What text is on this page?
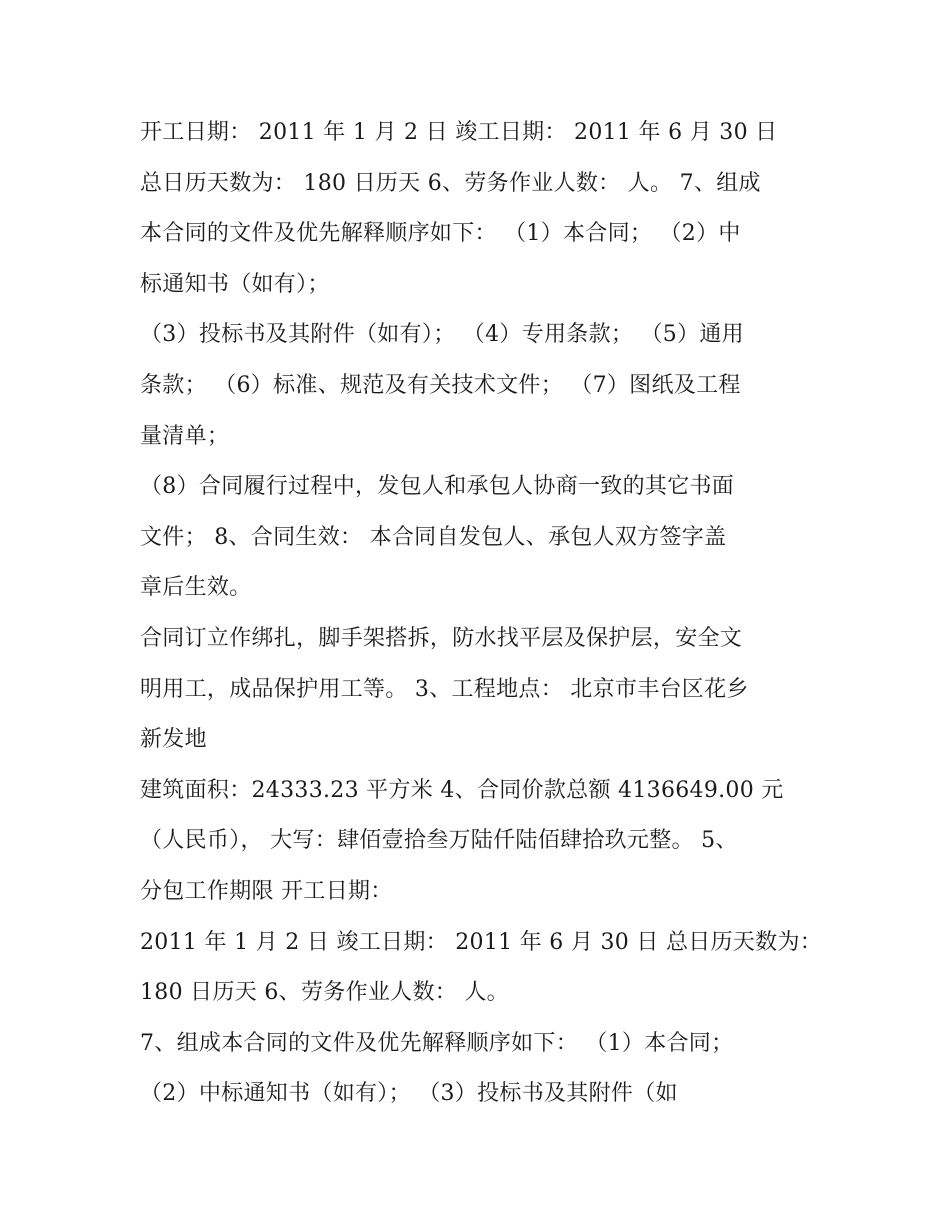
开工日期： 2011 年 1 月 2 日 竣工日期： 2011 年 6 月 30 日
总日历天数为： 180 日历天 6、劳务作业人数： 人。 7、组成
本合同的文件及优先解释顺序如下： （1）本合同； （2）中
标通知书（如有）；
（3）投标书及其附件（如有）； （4）专用条款； （5）通用
条款； （6）标准、规范及有关技术文件； （7）图纸及工程
量清单；
（8）合同履行过程中，发包人和承包人协商一致的其它书面
文件； 8、合同生效： 本合同自发包人、承包人双方签字盖
章后生效。
合同订立作绑扎，脚手架搭拆，防水找平层及保护层，安全文
明用工，成品保护用工等。 3、工程地点： 北京市丰台区花乡
新发地
建筑面积：24333.23 平方米 4、合同价款总额 4136649.00 元
（人民币）， 大写：肆佰壹拾叁万陆仟陆佰肆拾玖元整。 5、
分包工作期限 开工日期：
2011 年 1 月 2 日 竣工日期： 2011 年 6 月 30 日 总日历天数为：
180 日历天 6、劳务作业人数： 人。
7、组成本合同的文件及优先解释顺序如下： （1）本合同；
（2）中标通知书（如有）； （3）投标书及其附件（如
